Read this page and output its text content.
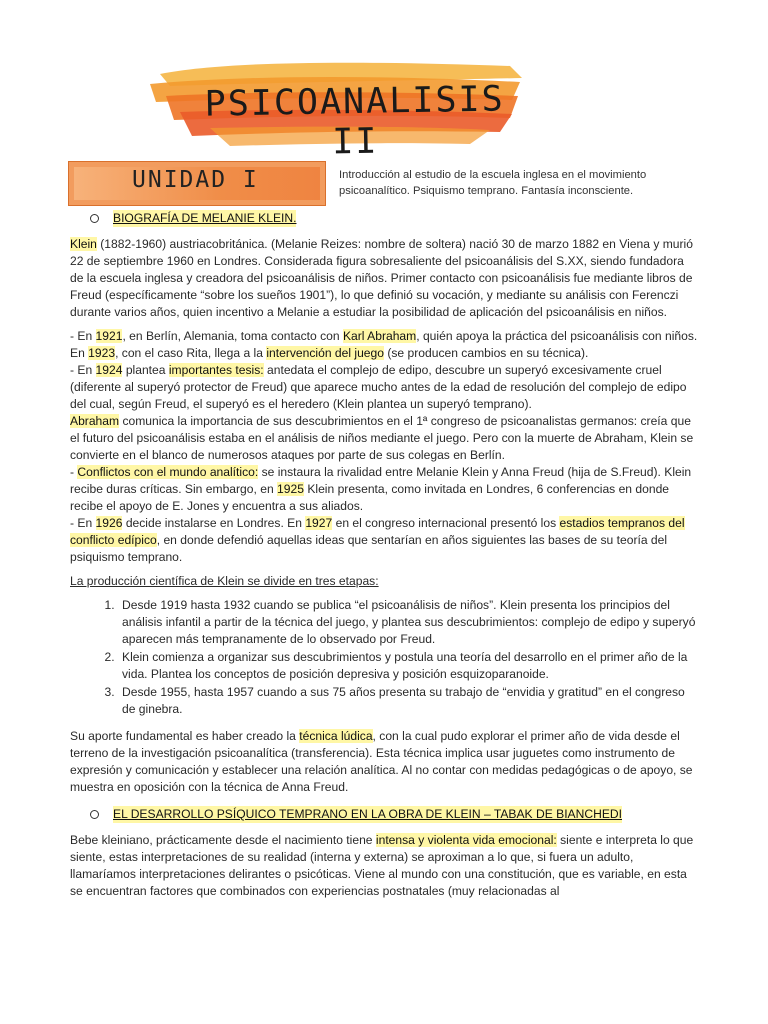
PSICOANALISIS II
UNIDAD I	Introducción al estudio de la escuela inglesa en el movimiento psicoanalítico. Psiquismo temprano. Fantasía inconsciente.
BIOGRAFÍA DE MELANIE KLEIN.

Klein (1882-1960) austriacobritánica. (Melanie Reizes: nombre de soltera) nació 30 de marzo 1882 en Viena y murió 22 de septiembre 1960 en Londres. Considerada figura sobresaliente del psicoanálisis del S.XX, siendo fundadora de la escuela inglesa y creadora del psicoanálisis de niños. Primer contacto con psicoanálisis fue mediante libros de Freud (específicamente “sobre los sueños 1901”), lo que definió su vocación, y mediante su análisis con Ferenczi durante varios años, quien incentivo a Melanie a estudiar la posibilidad de aplicación del psicoanálisis en niños.

- En 1921, en Berlín, Alemania, toma contacto con Karl Abraham, quién apoya la práctica del psicoanálisis con niños. En 1923, con el caso Rita, llega a la intervención del juego (se producen cambios en su técnica).

- En 1924 plantea importantes tesis: antedata el complejo de edipo, descubre un superyó excesivamente cruel (diferente al superyó protector de Freud) que aparece mucho antes de la edad de resolución del complejo de edipo del cual, según Freud, el superyó es el heredero (Klein plantea un superyó temprano).

Abraham comunica la importancia de sus descubrimientos en el 1ª congreso de psicoanalistas germanos: creía que el futuro del psicoanálisis estaba en el análisis de niños mediante el juego. Pero con la muerte de Abraham, Klein se convierte en el blanco de numerosos ataques por parte de sus colegas en Berlín.

- Conflictos con el mundo analítico: se instaura la rivalidad entre Melanie Klein y Anna Freud (hija de S.Freud). Klein recibe duras críticas. Sin embargo, en 1925 Klein presenta, como invitada en Londres, 6 conferencias en donde recibe el apoyo de E. Jones y encuentra a sus aliados.

- En 1926 decide instalarse en Londres. En 1927 en el congreso internacional presentó los estadios tempranos del conflicto edípico, en donde defendió aquellas ideas que sentarían en años siguientes las bases de su teoría del psiquismo temprano.

La producción científica de Klein se divide en tres etapas:

1. Desde 1919 hasta 1932 cuando se publica “el psicoanálisis de niños”. Klein presenta los principios del análisis infantil a partir de la técnica del juego, y plantea sus descubrimientos: complejo de edipo y superyó aparecen más tempranamente de lo observado por Freud.
2. Klein comienza a organizar sus descubrimientos y postula una teoría del desarrollo en el primer año de la vida. Plantea los conceptos de posición depresiva y posición esquizoparanoide.
3. Desde 1955, hasta 1957 cuando a sus 75 años presenta su trabajo de “envidia y gratitud” en el congreso de ginebra.

Su aporte fundamental es haber creado la técnica lúdica, con la cual pudo explorar el primer año de vida desde el terreno de la investigación psicoanalítica (transferencia). Esta técnica implica usar juguetes como instrumento de expresión y comunicación y establecer una relación analítica. Al no contar con medidas pedagógicas o de apoyo, se muestra en oposición con la técnica de Anna Freud.

EL DESARROLLO PSÍQUICO TEMPRANO EN LA OBRA DE KLEIN – TABAK DE BIANCHEDI

Bebe kleiniano, prácticamente desde el nacimiento tiene intensa y violenta vida emocional: siente e interpreta lo que siente, estas interpretaciones de su realidad (interna y externa) se aproximan a lo que, si fuera un adulto, llamaríamos interpretaciones delirantes o psicóticas. Viene al mundo con una constitución, que es variable, en esta se encuentran factores que combinados con experiencias postnatales (muy relacionadas al
